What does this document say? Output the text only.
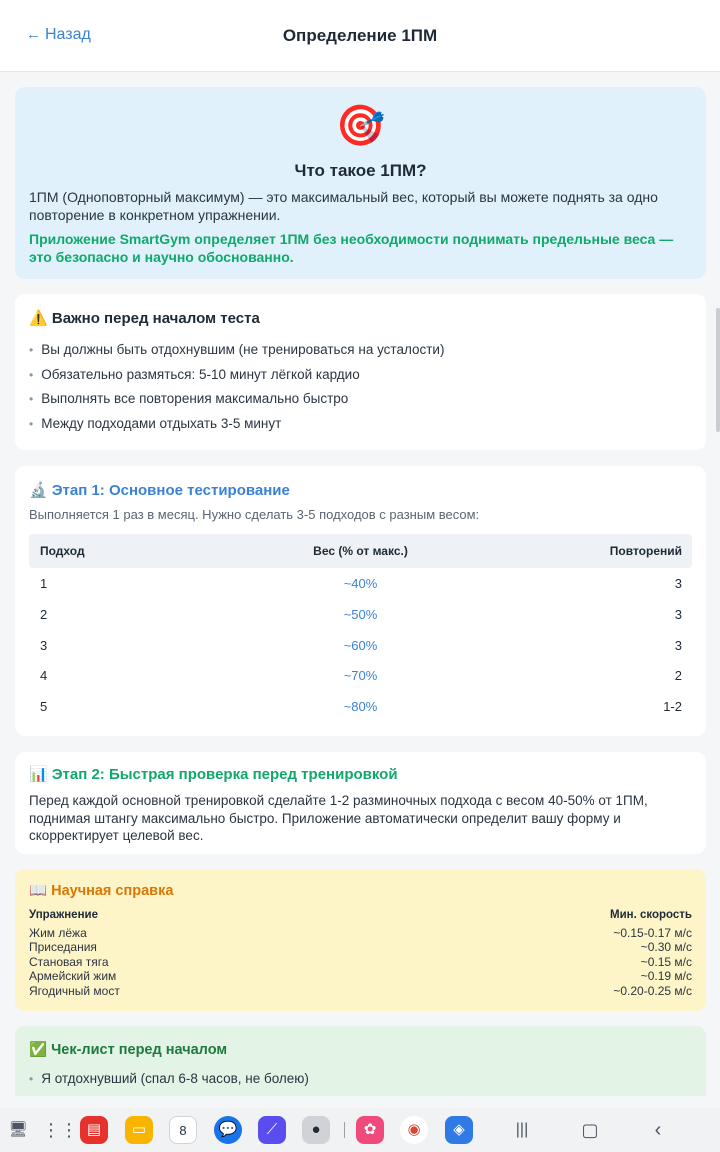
← Назад	Определение 1ПМ
🎯
Что такое 1ПМ?
1ПМ (Одноповторный максимум) — это максимальный вес, который вы можете поднять за одно повторение в конкретном упражнении.
Приложение SmartGym определяет 1ПМ без необходимости поднимать предельные веса — это безопасно и научно обоснованно.
⚠️ Важно перед началом теста
• Вы должны быть отдохнувшим (не тренироваться на усталости)
• Обязательно размяться: 5-10 минут лёгкой кардио
• Выполнять все повторения максимально быстро
• Между подходами отдыхать 3-5 минут
🔬 Этап 1: Основное тестирование
Выполняется 1 раз в месяц. Нужно сделать 3-5 подходов с разным весом:
Подход	Вес (% от макс.)	Повторений
1	~40%	3
2	~50%	3
3	~60%	3
4	~70%	2
5	~80%	1-2
📊 Этап 2: Быстрая проверка перед тренировкой
Перед каждой основной тренировкой сделайте 1-2 разминочных подхода с весом 40-50% от 1ПМ, поднимая штангу максимально быстро. Приложение автоматически определит вашу форму и скорректирует целевой вес.
📖 Научная справка
Упражнение	Мин. скорость
Жим лёжа	~0.15-0.17 м/с
Приседания	~0.30 м/с
Становая тяга	~0.15 м/с
Армейский жим	~0.19 м/с
Ягодичный мост	~0.20-0.25 м/с
✅ Чек-лист перед началом
• Я отдохнувший (спал 6-8 часов, не болею)
🖥 ⋮⋮ ▤	▭	8	💬	⟋	●	✿	◉	◈	|||	▢	‹
